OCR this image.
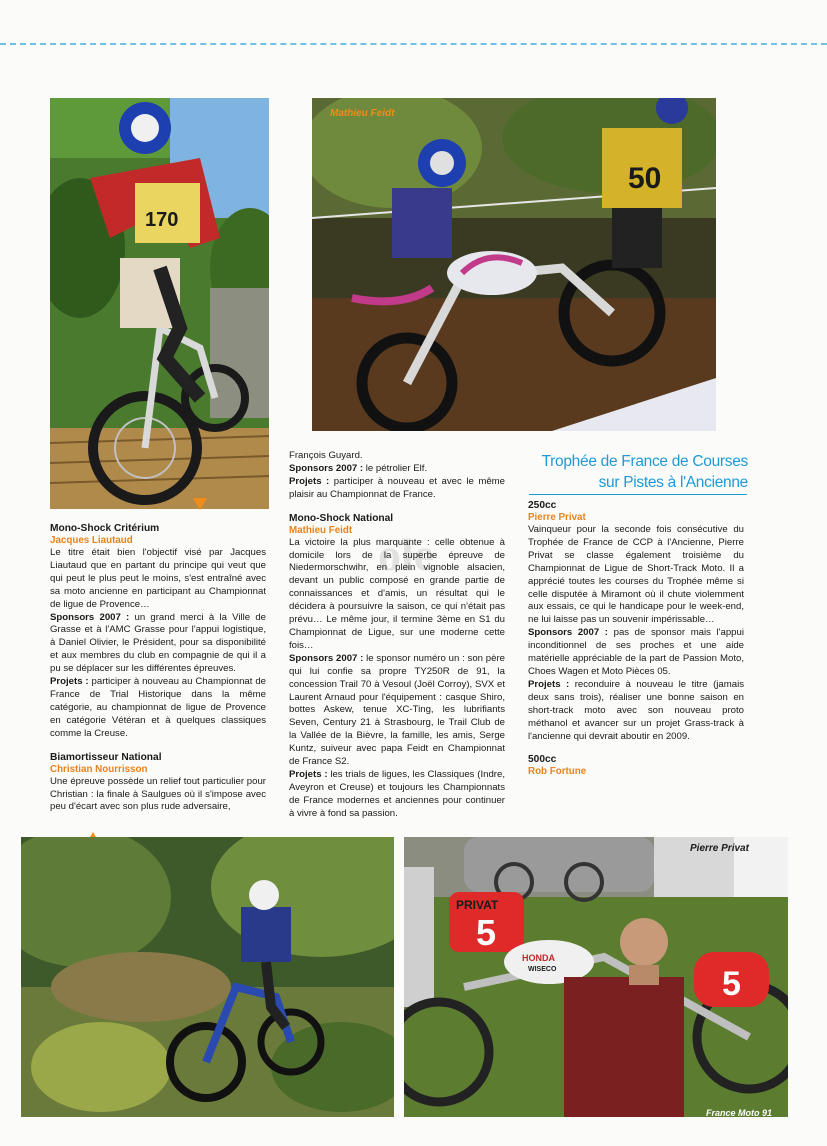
170
50
Mathieu Feidt

Mono-Shock Critérium

Jacques Liautaud

Le titre était bien l'objectif visé par Jacques Liautaud que en partant du principe qui veut que qui peut le plus peut le moins, s'est entraîné avec sa moto ancienne en participant au Championnat de ligue de Provence…

Sponsors 2007 : un grand merci à la Ville de Grasse et à l'AMC Grasse pour l'appui logistique, à Daniel Olivier, le Président, pour sa disponibilité et aux membres du club en compagnie de qui il a pu se déplacer sur les différentes épreuves.

Projets : participer à nouveau au Championnat de France de Trial Historique dans la même catégorie, au championnat de ligue de Provence en catégorie Vétéran et à quelques classiques comme la Creuse.

Biamortisseur National

Christian Nourrisson

Une épreuve possède un relief tout particulier pour Christian : la finale à Saulgues où il s'impose avec peu d'écart avec son plus rude adversaire,

ole

François Guyard.

Sponsors 2007 : le pétrolier Elf.

Projets : participer à nouveau et avec le même plaisir au Championnat de France.

Mono-Shock National

Mathieu Feidt

La victoire la plus marquante : celle obtenue à domicile lors de la superbe épreuve de Niedermorschwihr, en plein vignoble alsacien, devant un public composé en grande partie de connaissances et d'amis, un résultat qui le décidera à poursuivre la saison, ce qui n'était pas prévu… Le même jour, il termine 3ème en S1 du Championnat de Ligue, sur une moderne cette fois…

Sponsors 2007 : le sponsor numéro un : son père qui lui confie sa propre TY250R de 91, la concession Trail 70 à Vesoul (Joël Corroy), SVX et Laurent Arnaud pour l'équipement : casque Shiro, bottes Askew, tenue XC-Ting, les lubrifiants Seven, Century 21 à Strasbourg, le Trail Club de la Vallée de la Bièvre, la famille, les amis, Serge Kuntz, suiveur avec papa Feidt en Championnat de France S2.

Projets : les trials de ligues, les Classiques (Indre, Aveyron et Creuse) et toujours les Championnats de France modernes et anciennes pour continuer à vivre à fond sa passion.

Trophée de France de Courses
sur Pistes à l'Ancienne

250cc

Pierre Privat

Vainqueur pour la seconde fois consécutive du Trophée de France de CCP à l'Ancienne, Pierre Privat se classe également troisième du Championnat de Ligue de Short-Track Moto. Il a apprécié toutes les courses du Trophée même si celle disputée à Miramont où il chute violemment aux essais, ce qui le handicape pour le week-end, ne lui laisse pas un souvenir impérissable…

Sponsors 2007 : pas de sponsor mais l'appui inconditionnel de ses proches et une aide matérielle appréciable de la part de Passion Moto, Choes Wagen et Moto Pièces 05.

Projets : reconduire à nouveau le titre (jamais deux sans trois), réaliser une bonne saison en short-track moto avec son nouveau proto méthanol et avancer sur un projet Grass-track à l'ancienne qui devrait aboutir en 2009.

500cc

Rob Fortune

5
PRIVAT
5
HONDA
WISECO
Pierre Privat
France Moto 91
